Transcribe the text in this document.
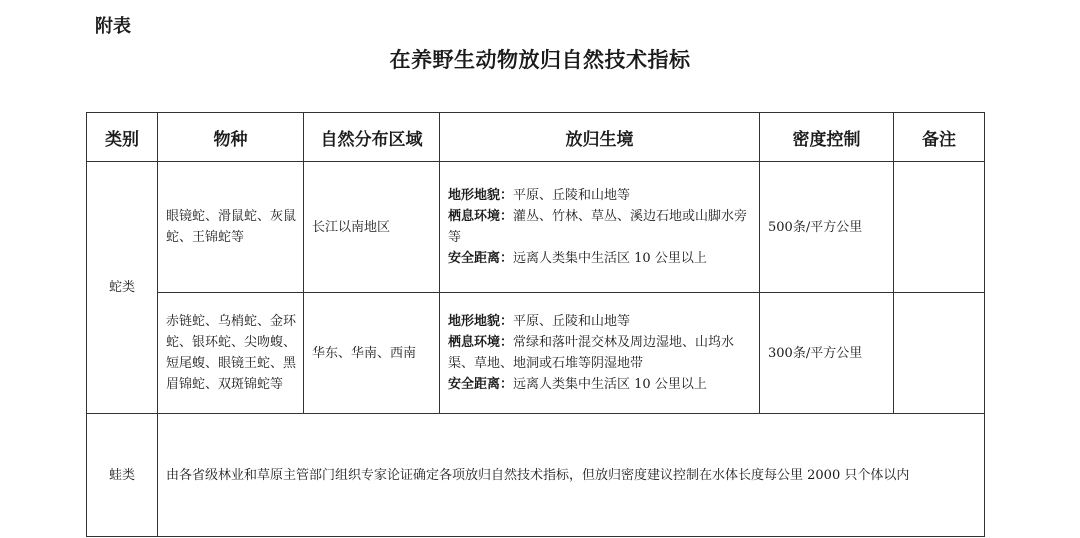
附表
在养野生动物放归自然技术指标
类别	物种	自然分布区域	放归生境	密度控制	备注
蛇类	眼镜蛇、滑鼠蛇、灰鼠蛇、王锦蛇等	长江以南地区	地形地貌：平原、丘陵和山地等
栖息环境：灌丛、竹林、草丛、溪边石地或山脚水旁等
安全距离：远离人类集中生活区 10 公里以上	500条/平方公里	
	赤链蛇、乌梢蛇、金环蛇、银环蛇、尖吻蝮、短尾蝮、眼镜王蛇、黑眉锦蛇、双斑锦蛇等	华东、华南、西南	地形地貌：平原、丘陵和山地等
栖息环境：常绿和落叶混交林及周边湿地、山坞水渠、草地、地洞或石堆等阴湿地带
安全距离：远离人类集中生活区 10 公里以上	300条/平方公里	
蛙类	由各省级林业和草原主管部门组织专家论证确定各项放归自然技术指标，但放归密度建议控制在水体长度每公里 2000 只个体以内				
